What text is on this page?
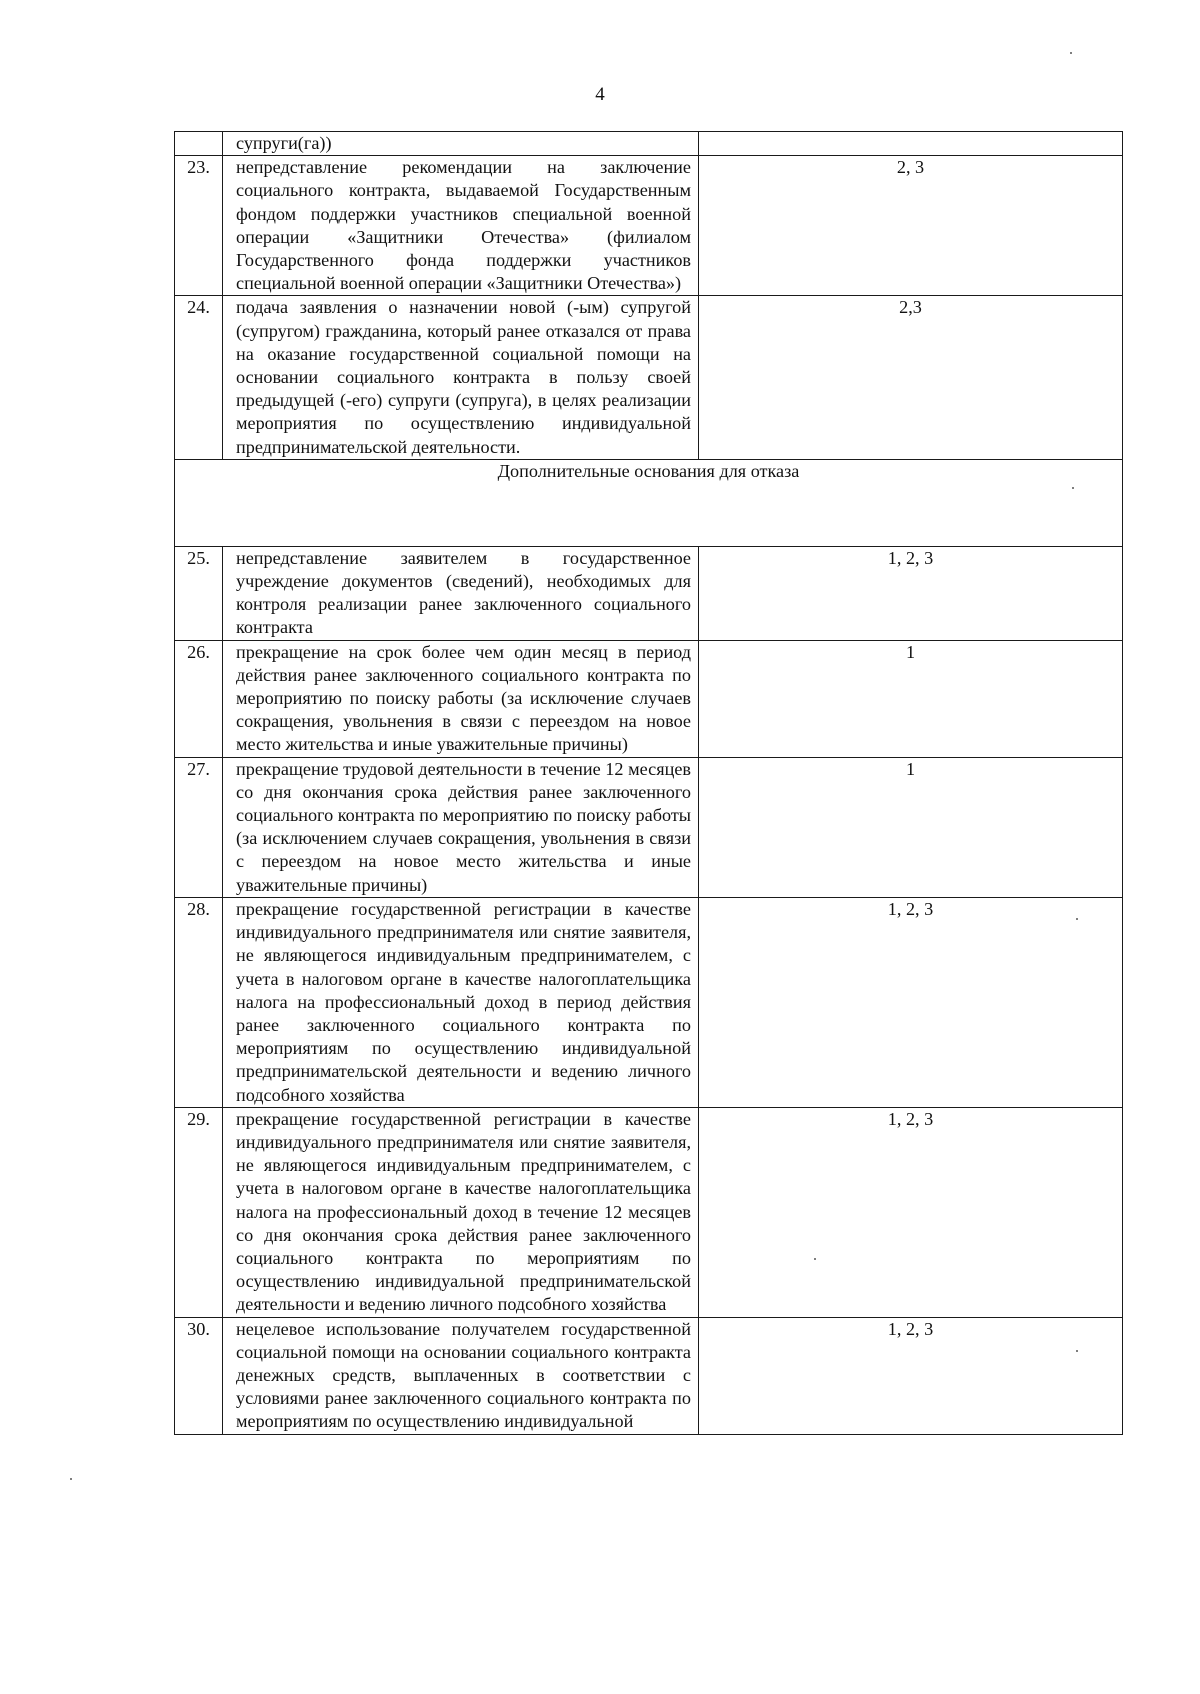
4
	супруги(га))	
23.	непредставление рекомендации на заключение социального контракта, выдаваемой Государственным фондом поддержки участников специальной военной операции «Защитники Отечества» (филиалом Государственного фонда поддержки участников специальной военной операции «Защитники Отечества»)	2, 3
24.	подача заявления о назначении новой (-ым) супругой (супругом) гражданина, который ранее отказался от права на оказание государственной социальной помощи на основании социального контракта в пользу своей предыдущей (-его) супруги (супруга), в целях реализации мероприятия по осуществлению индивидуальной предпринимательской деятельности.	2,3
Дополнительные основания для отказа		
25.	непредставление заявителем в государственное учреждение документов (сведений), необходимых для контроля реализации ранее заключенного социального контракта	1, 2, 3
26.	прекращение на срок более чем один месяц в период действия ранее заключенного социального контракта по мероприятию по поиску работы (за исключение случаев сокращения, увольнения в связи с переездом на новое место жительства и иные уважительные причины)	1
27.	прекращение трудовой деятельности в течение 12 месяцев со дня окончания срока действия ранее заключенного социального контракта по мероприятию по поиску работы (за исключением случаев сокращения, увольнения в связи с переездом на новое место жительства и иные уважительные причины)	1
28.	прекращение государственной регистрации в качестве индивидуального предпринимателя или снятие заявителя, не являющегося индивидуальным предпринимателем, с учета в налоговом органе в качестве налогоплательщика налога на профессиональный доход в период действия ранее заключенного социального контракта по мероприятиям по осуществлению индивидуальной предпринимательской деятельности и ведению личного подсобного хозяйства	1, 2, 3
29.	прекращение государственной регистрации в качестве индивидуального предпринимателя или снятие заявителя, не являющегося индивидуальным предпринимателем, с учета в налоговом органе в качестве налогоплательщика налога на профессиональный доход в течение 12 месяцев со дня окончания срока действия ранее заключенного социального контракта по мероприятиям по осуществлению индивидуальной предпринимательской деятельности и ведению личного подсобного хозяйства	1, 2, 3
30.	нецелевое использование получателем государственной социальной помощи на основании социального контракта денежных средств, выплаченных в соответствии с условиями ранее заключенного социального контракта по мероприятиям по осуществлению индивидуальной	1, 2, 3
